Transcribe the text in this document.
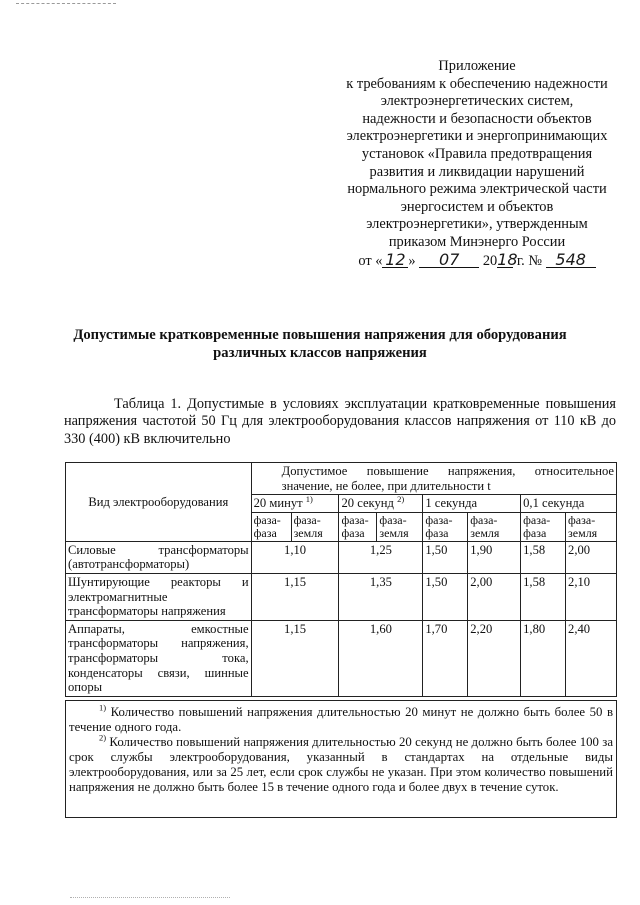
Приложение
к требованиям к обеспечению надежности
электроэнергетических систем,
надежности и безопасности объектов
электроэнергетики и энергопринимающих
установок «Правила предотвращения
развития и ликвидации нарушений
нормального режима электрической части
энергосистем и объектов
электроэнергетики», утвержденным
приказом Минэнерго России
от « 12 » 07 2018 г. № 548
Допустимые кратковременные повышения напряжения для оборудования
различных классов напряжения
Таблица 1. Допустимые в условиях эксплуатации кратковременные повышения напряжения частотой 50 Гц для электрооборудования классов напряжения от 110 кВ до 330 (400) кВ включительно
Вид электрооборудования	Допустимое повышение напряжения, относительное значение, не более, при длительности t							
	20 минут $^{1)}$		20 секунд $^{2)}$		1 секунда		0,1 секунда	
	фаза-фаза	фаза-земля	фаза-фаза	фаза-земля	фаза-фаза	фаза-земля	фаза-фаза	фаза-земля
Силовые трансформаторы (автотрансформаторы)	1,10		1,25		1,50	1,90	1,58	2,00
Шунтирующие реакторы и электромагнитные трансформаторы напряжения	1,15		1,35		1,50	2,00	1,58	2,10
Аппараты, емкостные трансформаторы напряжения, трансформаторы тока, конденсаторы связи, шинные опоры	1,15		1,60		1,70	2,20	1,80	2,40

$^{1)}$ Количество повышений напряжения длительностью 20 минут не должно быть более 50 в течение одного года.

$^{2)}$ Количество повышений напряжения длительностью 20 секунд не должно быть более 100 за срок службы электрооборудования, указанный в стандартах на отдельные виды электрооборудования, или за 25 лет, если срок службы не указан. При этом количество повышений напряжения не должно быть более 15 в течение одного года и более двух в течение суток.
